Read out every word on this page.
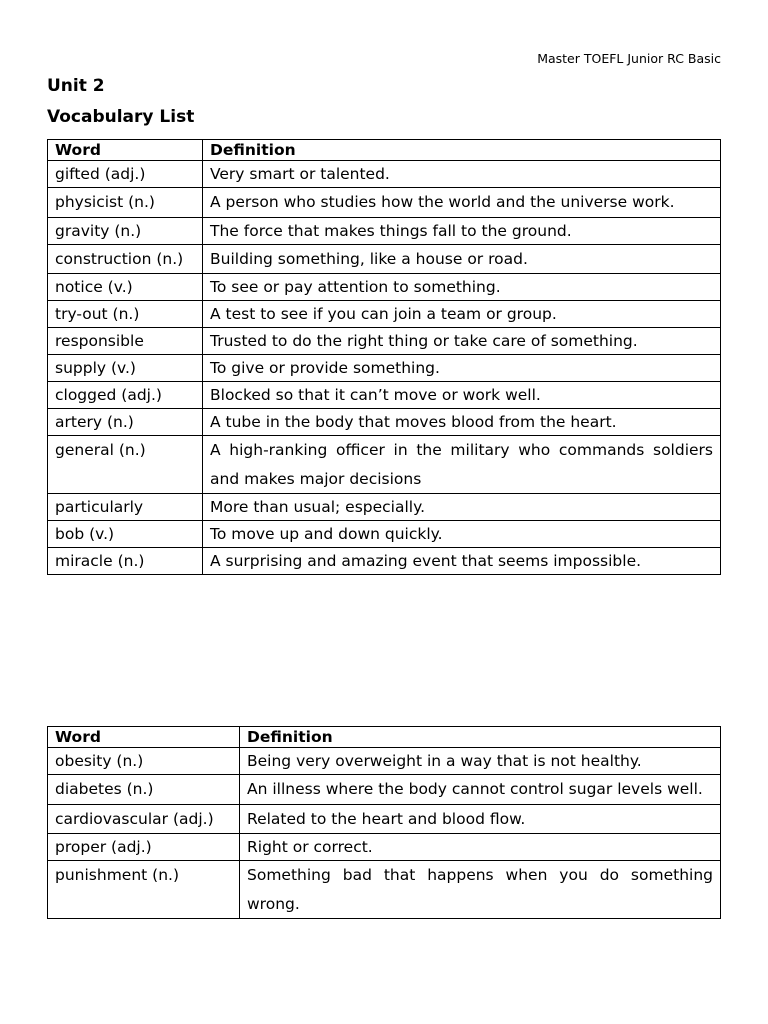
Master TOEFL Junior RC Basic
Unit 2
Vocabulary List
Word	Definition
gifted (adj.)	Very smart or talented.
physicist (n.)	A person who studies how the world and the universe work.
gravity (n.)	The force that makes things fall to the ground.
construction (n.)	Building something, like a house or road.
notice (v.)	To see or pay attention to something.
try-out (n.)	A test to see if you can join a team or group.
responsible	Trusted to do the right thing or take care of something.
supply (v.)	To give or provide something.
clogged (adj.)	Blocked so that it can’t move or work well.
artery (n.)	A tube in the body that moves blood from the heart.
general (n.)	A high-ranking officer in the military who commands soldiers and makes major decisions
particularly	More than usual; especially.
bob (v.)	To move up and down quickly.
miracle (n.)	A surprising and amazing event that seems impossible.
Word	Definition
obesity (n.)	Being very overweight in a way that is not healthy.
diabetes (n.)	An illness where the body cannot control sugar levels well.
cardiovascular (adj.)	Related to the heart and blood flow.
proper (adj.)	Right or correct.
punishment (n.)	Something bad that happens when you do something wrong.
